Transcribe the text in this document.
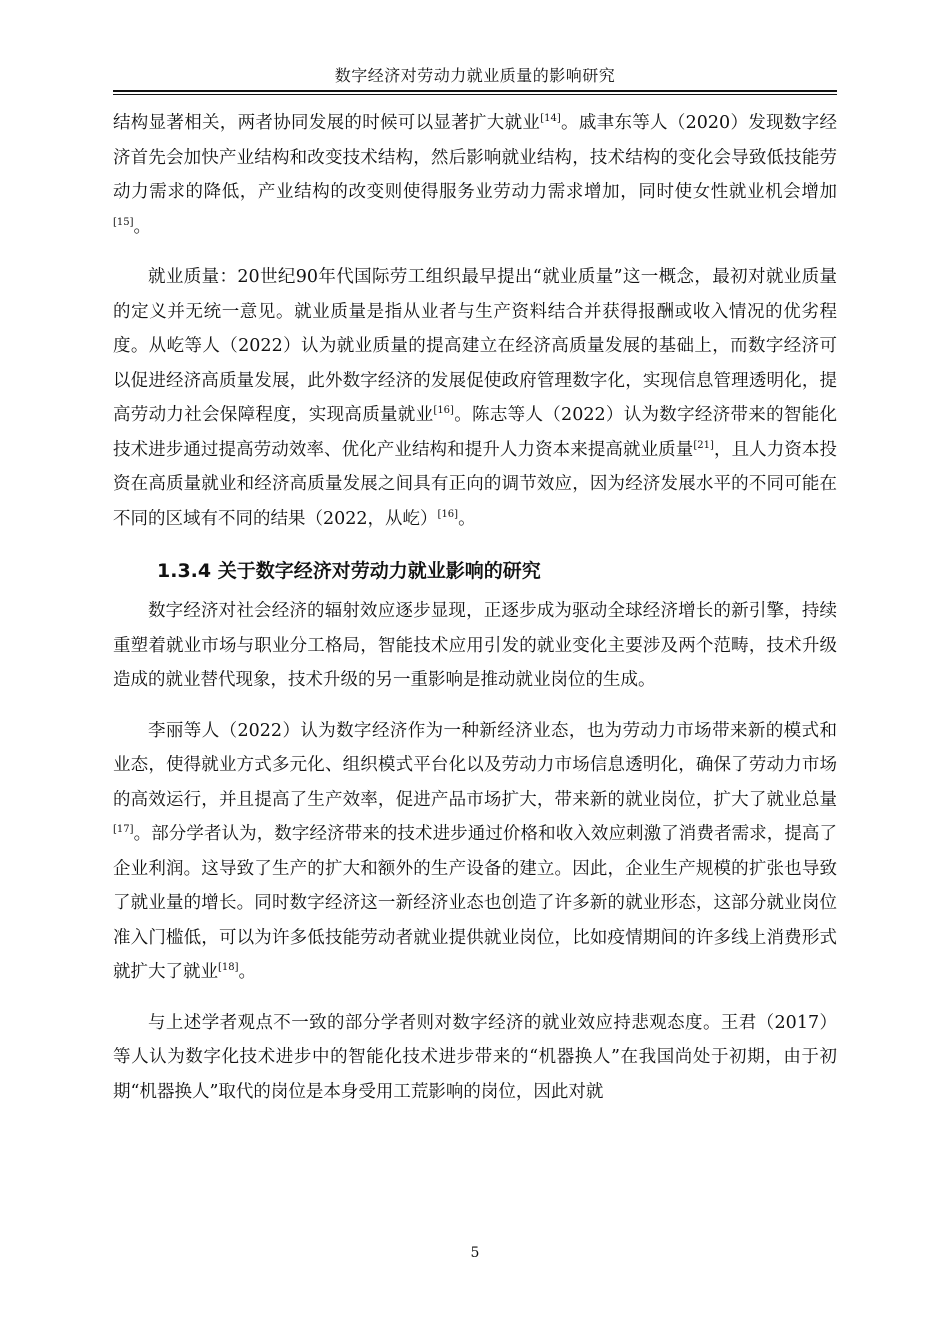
数字经济对劳动力就业质量的影响研究

结构显著相关，两者协同发展的时候可以显著扩大就业[14]。戚聿东等人（2020）发现数字经济首先会加快产业结构和改变技术结构，然后影响就业结构，技术结构的变化会导致低技能劳动力需求的降低，产业结构的改变则使得服务业劳动力需求增加，同时使女性就业机会增加[15]。

就业质量：20世纪90年代国际劳工组织最早提出“就业质量”这一概念，最初对就业质量的定义并无统一意见。就业质量是指从业者与生产资料结合并获得报酬或收入情况的优劣程度。从屹等人（2022）认为就业质量的提高建立在经济高质量发展的基础上，而数字经济可以促进经济高质量发展，此外数字经济的发展促使政府管理数字化，实现信息管理透明化，提高劳动力社会保障程度，实现高质量就业[16]。陈志等人（2022）认为数字经济带来的智能化技术进步通过提高劳动效率、优化产业结构和提升人力资本来提高就业质量[21]，且人力资本投资在高质量就业和经济高质量发展之间具有正向的调节效应，因为经济发展水平的不同可能在不同的区域有不同的结果（2022，从屹）[16]。

1.3.4 关于数字经济对劳动力就业影响的研究

数字经济对社会经济的辐射效应逐步显现，正逐步成为驱动全球经济增长的新引擎，持续重塑着就业市场与职业分工格局，智能技术应用引发的就业变化主要涉及两个范畴，技术升级造成的就业替代现象，技术升级的另一重影响是推动就业岗位的生成。

李丽等人（2022）认为数字经济作为一种新经济业态，也为劳动力市场带来新的模式和业态，使得就业方式多元化、组织模式平台化以及劳动力市场信息透明化，确保了劳动力市场的高效运行，并且提高了生产效率，促进产品市场扩大，带来新的就业岗位，扩大了就业总量[17]。部分学者认为，数字经济带来的技术进步通过价格和收入效应刺激了消费者需求，提高了企业利润。这导致了生产的扩大和额外的生产设备的建立。因此，企业生产规模的扩张也导致了就业量的增长。同时数字经济这一新经济业态也创造了许多新的就业形态，这部分就业岗位准入门槛低，可以为许多低技能劳动者就业提供就业岗位，比如疫情期间的许多线上消费形式就扩大了就业[18]。

与上述学者观点不一致的部分学者则对数字经济的就业效应持悲观态度。王君（2017）等人认为数字化技术进步中的智能化技术进步带来的“机器换人”在我国尚处于初期，由于初期“机器换人”取代的岗位是本身受用工荒影响的岗位，因此对就

5
